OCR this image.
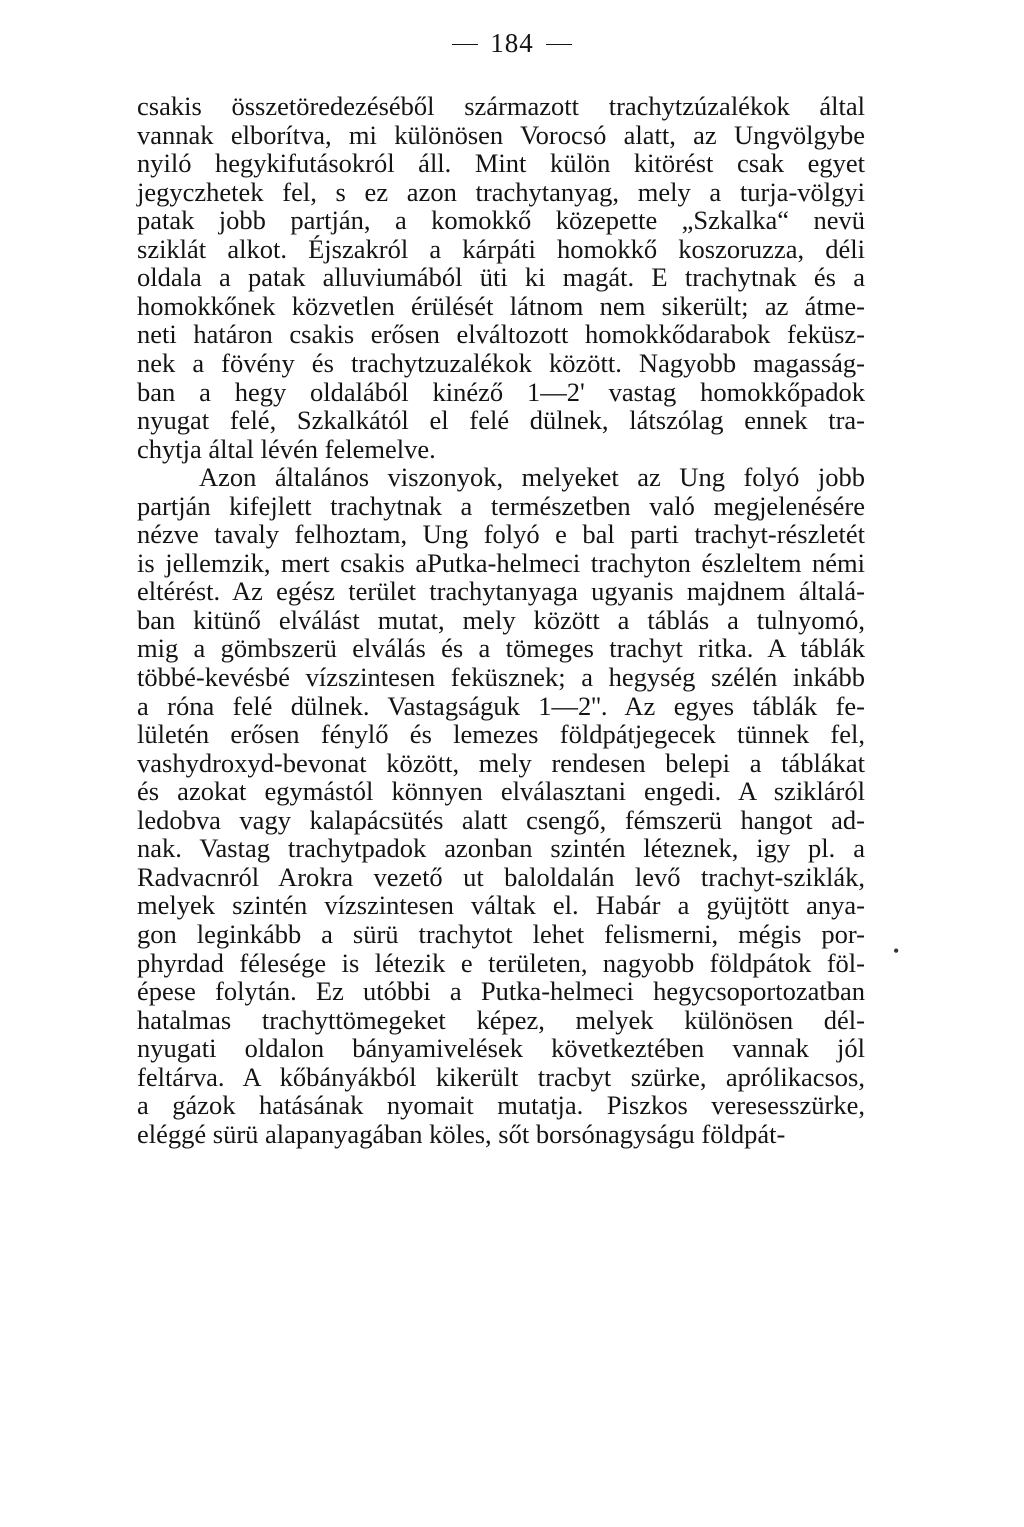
184
csakis összetöredezéséből származott trachytzúzalékok által
vannak elborítva, mi különösen Vorocsó alatt, az Ungvölgybe
nyiló hegykifutásokról áll. Mint külön kitörést csak egyet
jegyczhetek fel, s ez azon trachytanyag, mely a turja-völgyi
patak jobb partján, a komokkő közepette „Szkalka“ nevü
sziklát alkot. Éjszakról a kárpáti homokkő koszoruzza, déli
oldala a patak alluviumából üti ki magát. E trachytnak és a
homokkőnek közvetlen érülését látnom nem sikerült; az átme-
neti határon csakis erősen elváltozott homokkődarabok feküsz-
nek a fövény és trachytzuzalékok között. Nagyobb magasság-
ban a hegy oldalából kinéző 1—2' vastag homokkőpadok
nyugat felé, Szkalkától el felé dülnek, látszólag ennek tra-
chytja által lévén felemelve.
Azon általános viszonyok, melyeket az Ung folyó jobb
partján kifejlett trachytnak a természetben való megjelenésére
nézve tavaly felhoztam, Ung folyó e bal parti trachyt-részletét
is jellemzik, mert csakis aPutka-helmeci trachyton észleltem némi
eltérést. Az egész terület trachytanyaga ugyanis majdnem általá-
ban kitünő elválást mutat, mely között a táblás a tulnyomó,
mig a gömbszerü elválás és a tömeges trachyt ritka. A táblák
többé-kevésbé vízszintesen feküsznek; a hegység szélén inkább
a róna felé dülnek. Vastagságuk 1—2''. Az egyes táblák fe-
lületén erősen fénylő és lemezes földpátjegecek tünnek fel,
vashydroxyd-bevonat között, mely rendesen belepi a táblákat
és azokat egymástól könnyen elválasztani engedi. A szikláról
ledobva vagy kalapácsütés alatt csengő, fémszerü hangot ad-
nak. Vastag trachytpadok azonban szintén léteznek, igy pl. a
Radvacnról Arokra vezető ut baloldalán levő trachyt-sziklák,
melyek szintén vízszintesen váltak el. Habár a gyüjtött anya-
gon leginkább a sürü trachytot lehet felismerni, mégis por-
phyrdad félesége is létezik e területen, nagyobb földpátok föl-
épese folytán. Ez utóbbi a Putka-helmeci hegycsoportozatban
hatalmas trachyttömegeket képez, melyek különösen dél-
nyugati oldalon bányamivelések következtében vannak jól
feltárva. A kőbányákból kikerült tracbyt szürke, aprólikacsos,
a gázok hatásának nyomait mutatja. Piszkos veresesszürke,
eléggé sürü alapanyagában köles, sőt borsónagyságu földpát-
•
